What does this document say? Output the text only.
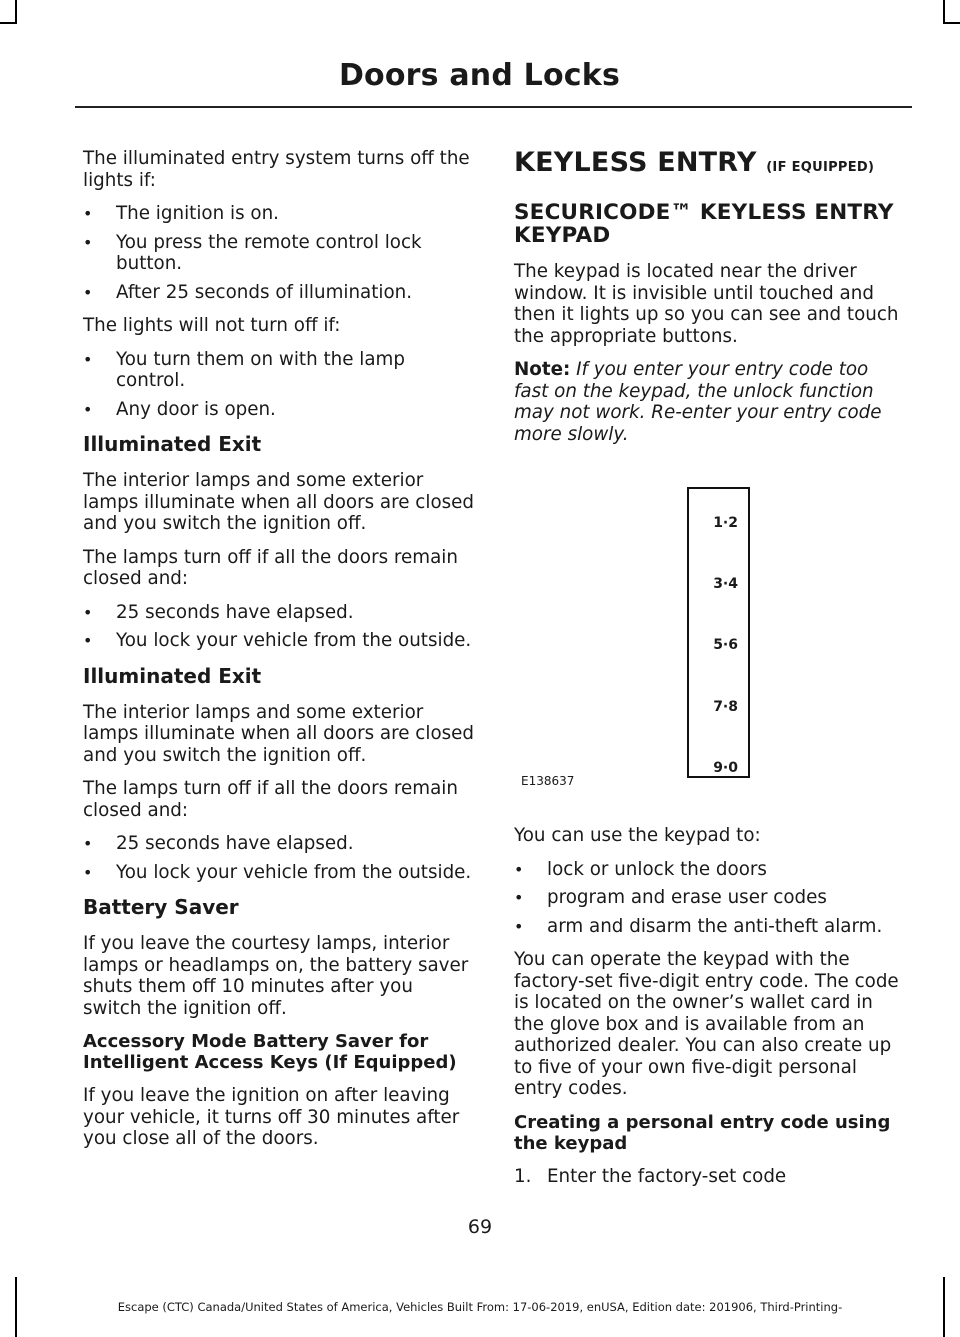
Doors and Locks

The illuminated entry system turns off the lights if:

• The ignition is on.
• You press the remote control lock button.
• After 25 seconds of illumination.

The lights will not turn off if:

• You turn them on with the lamp control.
• Any door is open.
Illuminated Exit

The interior lamps and some exterior lamps illuminate when all doors are closed and you switch the ignition off.

The lamps turn off if all the doors remain closed and:

• 25 seconds have elapsed.
• You lock your vehicle from the outside.
Illuminated Exit

The interior lamps and some exterior lamps illuminate when all doors are closed and you switch the ignition off.

The lamps turn off if all the doors remain closed and:

• 25 seconds have elapsed.
• You lock your vehicle from the outside.
Battery Saver

If you leave the courtesy lamps, interior lamps or headlamps on, the battery saver shuts them off 10 minutes after you switch the ignition off.

Accessory Mode Battery Saver for Intelligent Access Keys (If Equipped)

If you leave the ignition on after leaving your vehicle, it turns off 30 minutes after you close all of the doors.

KEYLESS ENTRY (IF EQUIPPED)
SECURICODE™ KEYLESS ENTRY KEYPAD

The keypad is located near the driver window. It is invisible until touched and then it lights up so you can see and touch the appropriate buttons.

Note: If you enter your entry code too fast on the keypad, the unlock function may not work. Re-enter your entry code more slowly.

1·2
3·4
5·6
7·8
9·0
E138637

You can use the keypad to:

• lock or unlock the doors
• program and erase user codes
• arm and disarm the anti-theft alarm.

You can operate the keypad with the factory-set five-digit entry code. The code is located on the owner’s wallet card in the glove box and is available from an authorized dealer. You can also create up to five of your own five-digit personal entry codes.

Creating a personal entry code using the keypad
1. Enter the factory-set code
69
Escape (CTC) Canada/United States of America, Vehicles Built From: 17-06-2019, enUSA, Edition date: 201906, Third-Printing-
